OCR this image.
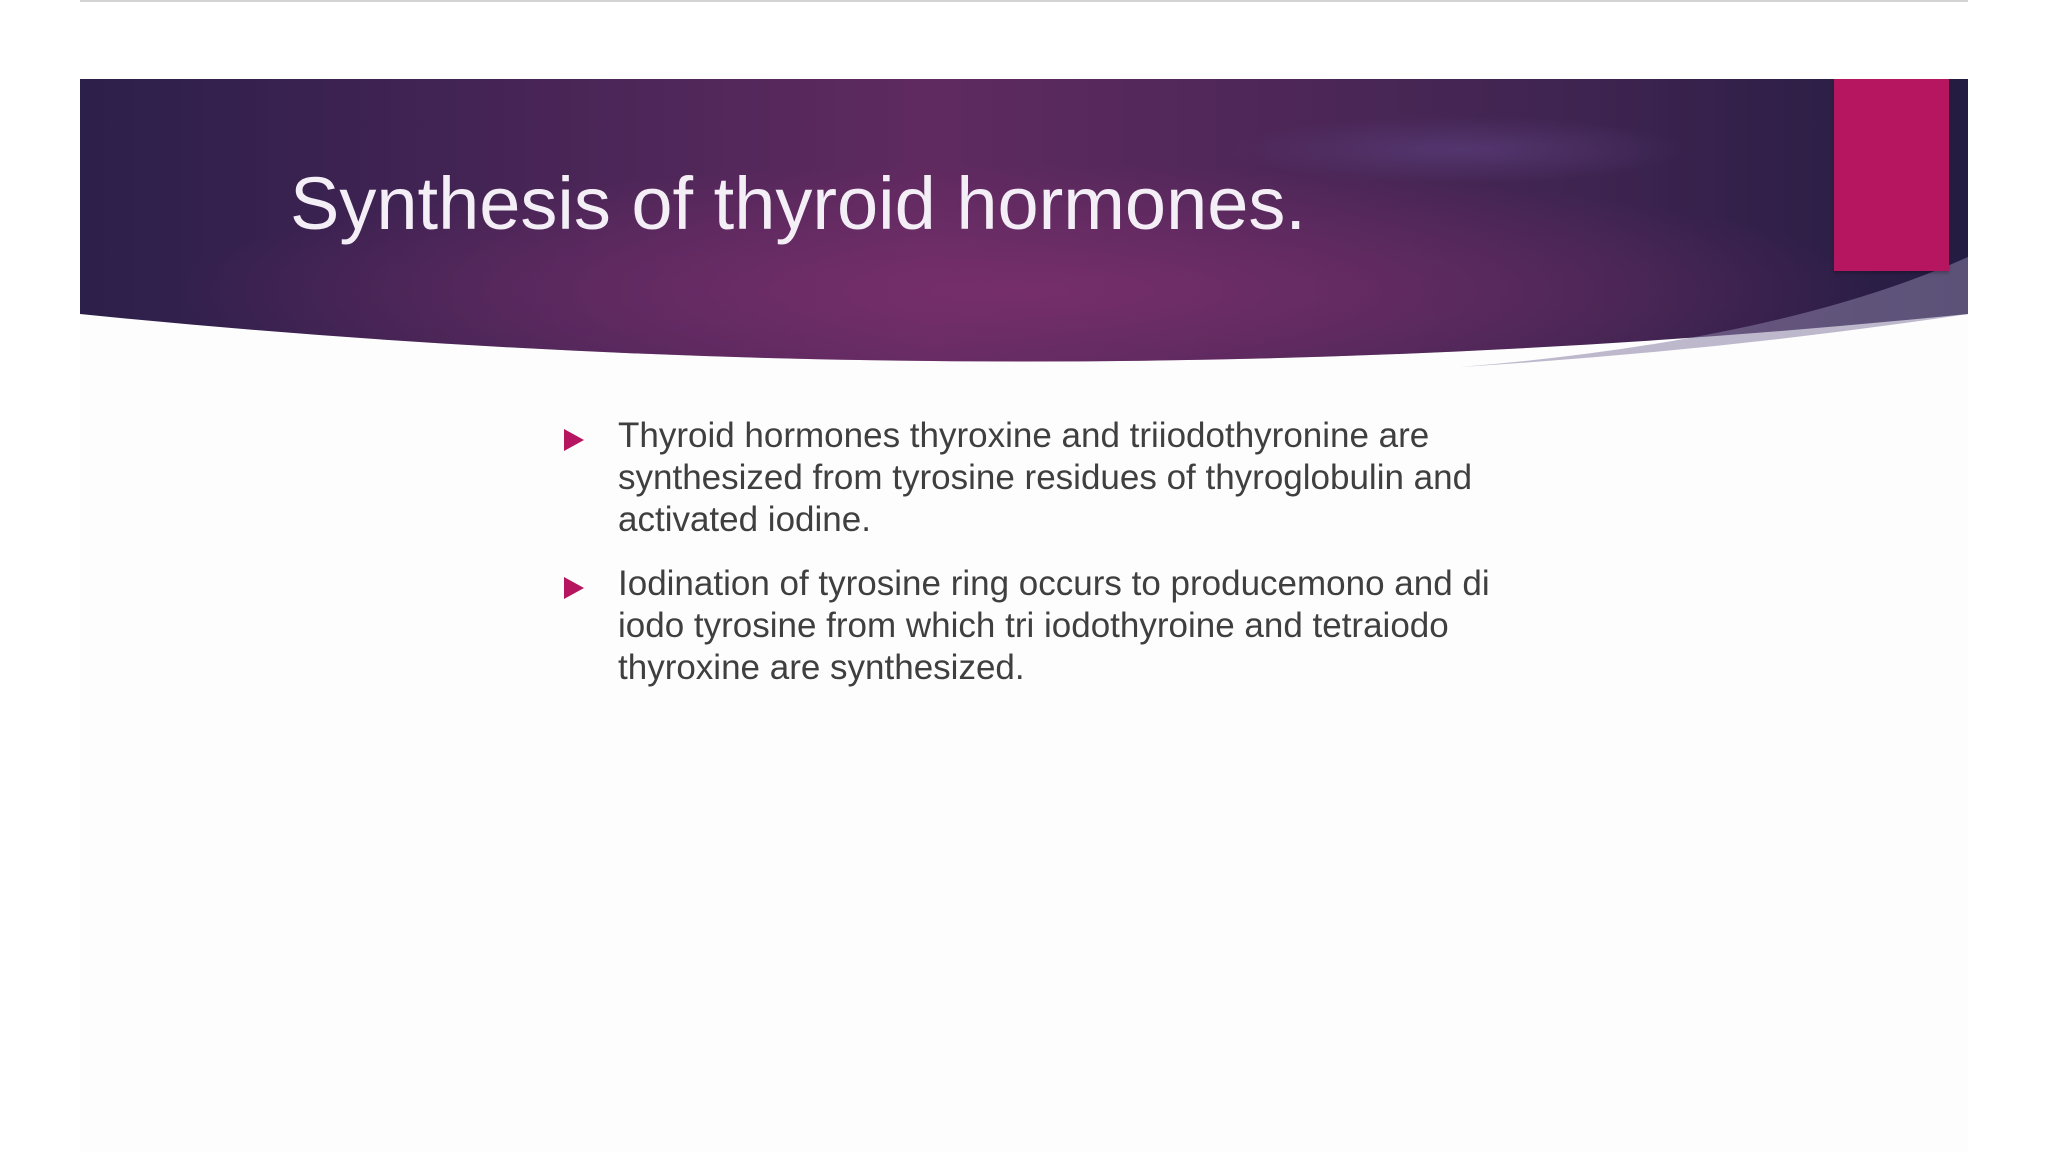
Synthesis of thyroid hormones.
Thyroid hormones thyroxine and triiodothyronine are
synthesized from tyrosine residues of thyroglobulin and
activated iodine.
Iodination of tyrosine ring occurs to producemono and di
iodo tyrosine from which tri iodothyroine and tetraiodo
thyroxine are synthesized.
